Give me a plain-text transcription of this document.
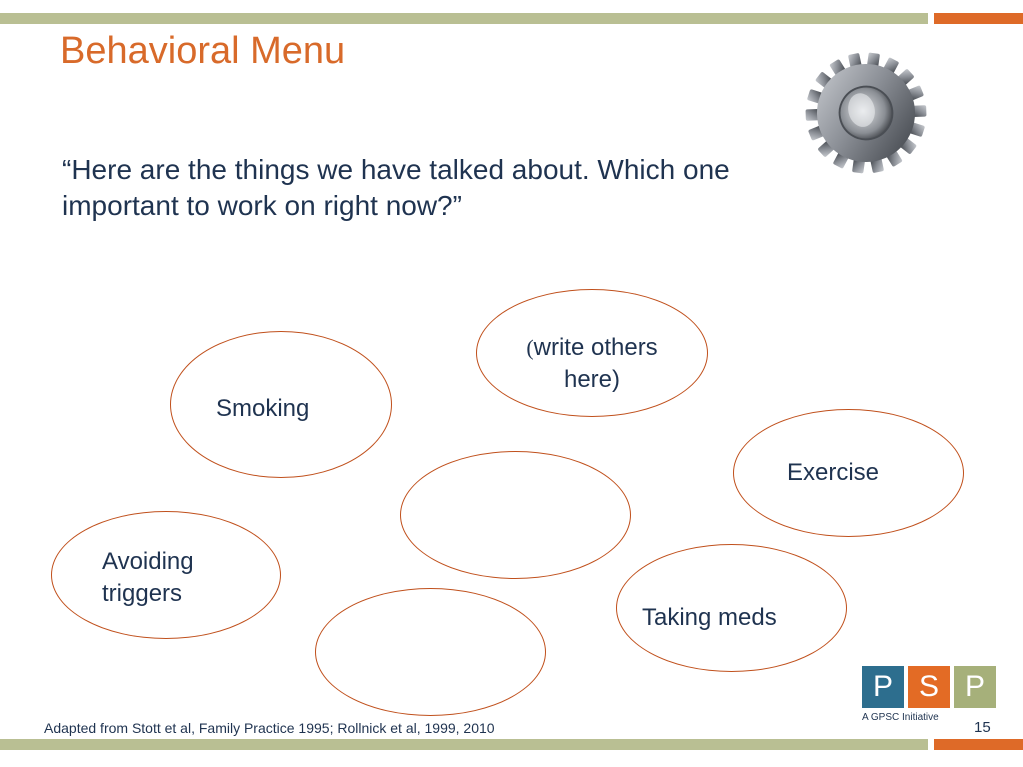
Behavioral Menu

“Here are the things we have talked about. Which one

important to work on right now?”

(write others
here)
Smoking
Exercise
Avoiding
triggers
Taking meds
P S P
A GPSC Initiative
Adapted from Stott et al, Family Practice 1995; Rollnick et al, 1999, 2010	15
